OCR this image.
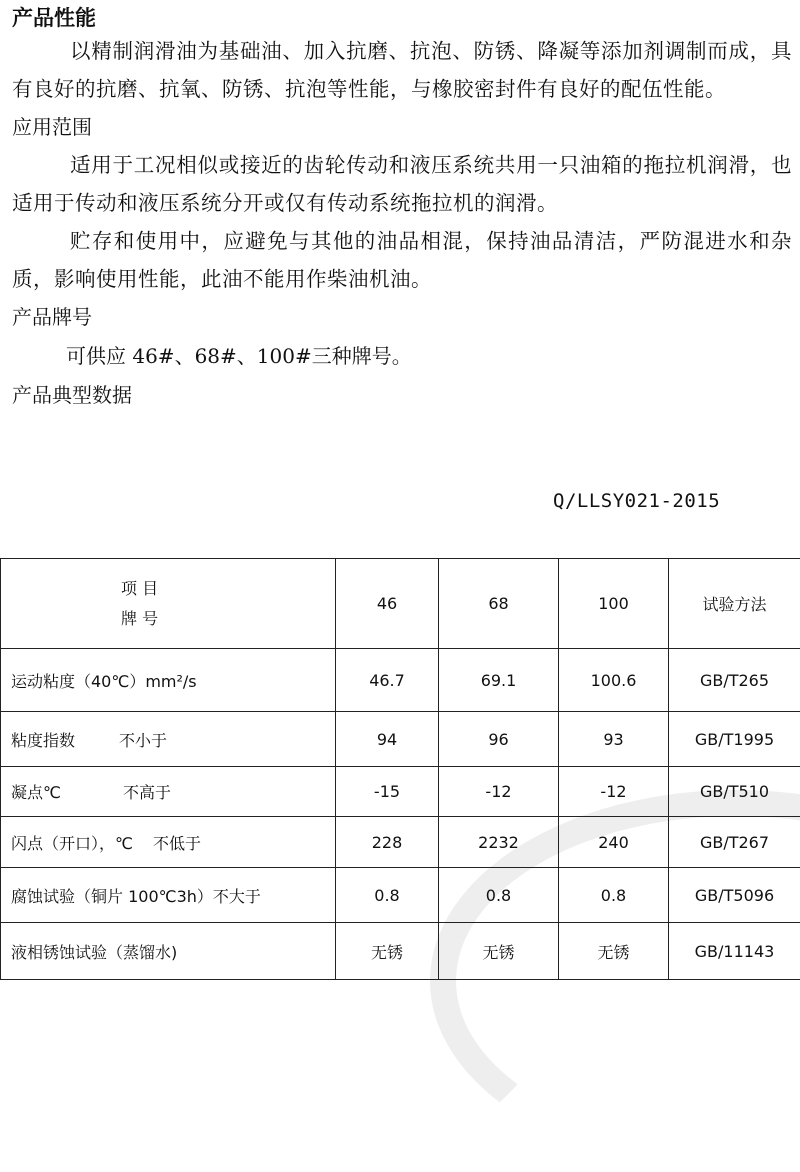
产品性能

以精制润滑油为基础油、加入抗磨、抗泡、防锈、降凝等添加剂调制而成，具有良好的抗磨、抗氧、防锈、抗泡等性能，与橡胶密封件有良好的配伍性能。

应用范围

适用于工况相似或接近的齿轮传动和液压系统共用一只油箱的拖拉机润滑，也适用于传动和液压系统分开或仅有传动系统拖拉机的润滑。

贮存和使用中，应避免与其他的油品相混，保持油品清洁，严防混进水和杂质，影响使用性能，此油不能用作柴油机油。

产品牌号
可供应 46#、68#、100#三种牌号。
产品典型数据
Q/LLSY021-2015
项 目
牌 号	46	68	100	试验方法
运动粘度（40℃）mm²/s	46.7	69.1	100.6	GB/T265
粘度指数 不小于	94	96	93	GB/T1995
凝点℃ 不高于	-15	-12	-12	GB/T510
闪点（开口），℃ 不低于	228	2232	240	GB/T267
腐蚀试验（铜片 100℃3h）不大于	0.8	0.8	0.8	GB/T5096
液相锈蚀试验（蒸馏水)	无锈	无锈	无锈	GB/11143
